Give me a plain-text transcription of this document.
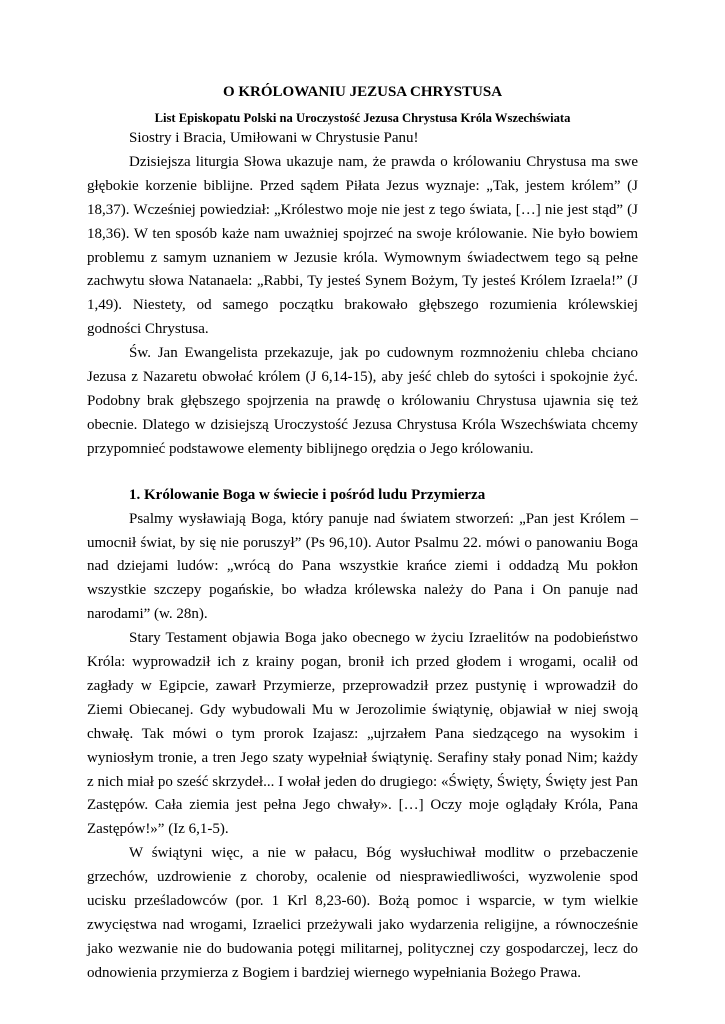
O KRÓLOWANIU JEZUSA CHRYSTUSA
List Episkopatu Polski na Uroczystość Jezusa Chrystusa Króla Wszechświata

Siostry i Bracia, Umiłowani w Chrystusie Panu!

Dzisiejsza liturgia Słowa ukazuje nam, że prawda o królowaniu Chrystusa ma swe głębokie korzenie biblijne. Przed sądem Piłata Jezus wyznaje: „Tak, jestem królem” (J 18,37). Wcześniej powiedział: „Królestwo moje nie jest z tego świata, […] nie jest stąd” (J 18,36). W ten sposób każe nam uważniej spojrzeć na swoje królowanie. Nie było bowiem problemu z samym uznaniem w Jezusie króla. Wymownym świadectwem tego są pełne zachwytu słowa Natanaela: „Rabbi, Ty jesteś Synem Bożym, Ty jesteś Królem Izraela!” (J 1,49). Niestety, od samego początku brakowało głębszego rozumienia królewskiej godności Chrystusa.

Św. Jan Ewangelista przekazuje, jak po cudownym rozmnożeniu chleba chciano Jezusa z Nazaretu obwołać królem (J 6,14-15), aby jeść chleb do sytości i spokojnie żyć. Podobny brak głębszego spojrzenia na prawdę o królowaniu Chrystusa ujawnia się też obecnie. Dlatego w dzisiejszą Uroczystość Jezusa Chrystusa Króla Wszechświata chcemy przypomnieć podstawowe elementy biblijnego orędzia o Jego królowaniu.

1. Królowanie Boga w świecie i pośród ludu Przymierza

Psalmy wysławiają Boga, który panuje nad światem stworzeń: „Pan jest Królem – umocnił świat, by się nie poruszył” (Ps 96,10). Autor Psalmu 22. mówi o panowaniu Boga nad dziejami ludów: „wrócą do Pana wszystkie krańce ziemi i oddadzą Mu pokłon wszystkie szczepy pogańskie, bo władza królewska należy do Pana i On panuje nad narodami” (w. 28n).

Stary Testament objawia Boga jako obecnego w życiu Izraelitów na podobieństwo Króla: wyprowadził ich z krainy pogan, bronił ich przed głodem i wrogami, ocalił od zagłady w Egipcie, zawarł Przymierze, przeprowadził przez pustynię i wprowadził do Ziemi Obiecanej. Gdy wybudowali Mu w Jerozolimie świątynię, objawiał w niej swoją chwałę. Tak mówi o tym prorok Izajasz: „ujrzałem Pana siedzącego na wysokim i wyniosłym tronie, a tren Jego szaty wypełniał świątynię. Serafiny stały ponad Nim; każdy z nich miał po sześć skrzydeł... I wołał jeden do drugiego: «Święty, Święty, Święty jest Pan Zastępów. Cała ziemia jest pełna Jego chwały». […] Oczy moje oglądały Króla, Pana Zastępów!»” (Iz 6,1-5).

W świątyni więc, a nie w pałacu, Bóg wysłuchiwał modlitw o przebaczenie grzechów, uzdrowienie z choroby, ocalenie od niesprawiedliwości, wyzwolenie spod ucisku prześladowców (por. 1 Krl 8,23-60). Bożą pomoc i wsparcie, w tym wielkie zwycięstwa nad wrogami, Izraelici przeżywali jako wydarzenia religijne, a równocześnie jako wezwanie nie do budowania potęgi militarnej, politycznej czy gospodarczej, lecz do odnowienia przymierza z Bogiem i bardziej wiernego wypełniania Bożego Prawa.
